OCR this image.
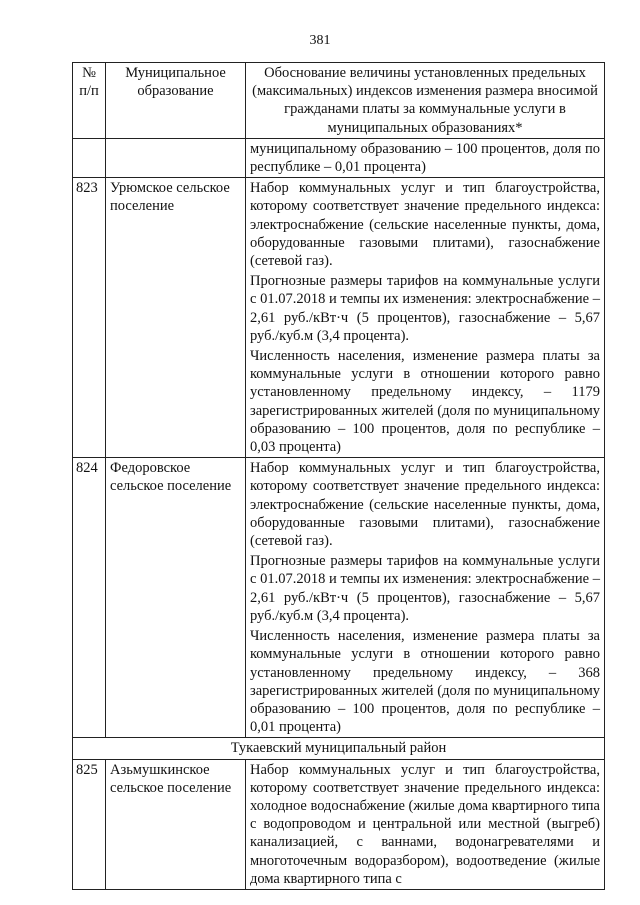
381
№ п/п	Муниципальное образование	Обоснование величины установленных предельных (максимальных) индексов изменения размера вносимой гражданами платы за коммунальные услуги в муниципальных образованиях*
		муниципальному образованию – 100 процентов, доля по республике – 0,01 процента)
823	Урюмское сельское поселение	Набор коммунальных услуг и тип благоустройства, которому соответствует значение предельного индекса: электроснабжение (сельские населенные пункты, дома, оборудованные газовыми плитами), газоснабжение (сетевой газ).
Прогнозные размеры тарифов на коммунальные услуги с 01.07.2018 и темпы их изменения: электроснабжение – 2,61 руб./кВт·ч (5 процентов), газоснабжение – 5,67 руб./куб.м (3,4 процента).
Численность населения, изменение размера платы за коммунальные услуги в отношении которого равно установленному предельному индексу, – 1179 зарегистрированных жителей (доля по муниципальному образованию – 100 процентов, доля по республике – 0,03 процента)

824	Федоровское сельское поселение	Набор коммунальных услуг и тип благоустройства, которому соответствует значение предельного индекса: электроснабжение (сельские населенные пункты, дома, оборудованные газовыми плитами), газоснабжение (сетевой газ).
Прогнозные размеры тарифов на коммунальные услуги с 01.07.2018 и темпы их изменения: электроснабжение – 2,61 руб./кВт·ч (5 процентов), газоснабжение – 5,67 руб./куб.м (3,4 процента).
Численность населения, изменение размера платы за коммунальные услуги в отношении которого равно установленному предельному индексу, – 368 зарегистрированных жителей (доля по муниципальному образованию – 100 процентов, доля по республике – 0,01 процента)

Тукаевский муниципальный район		
825	Азьмушкинское сельское поселение	Набор коммунальных услуг и тип благоустройства, которому соответствует значение предельного индекса: холодное водоснабжение (жилые дома квартирного типа с водопроводом и центральной или местной (выгреб) канализацией, с ваннами, водонагревателями и многоточечным водоразбором), водоотведение (жилые дома квартирного типа с
